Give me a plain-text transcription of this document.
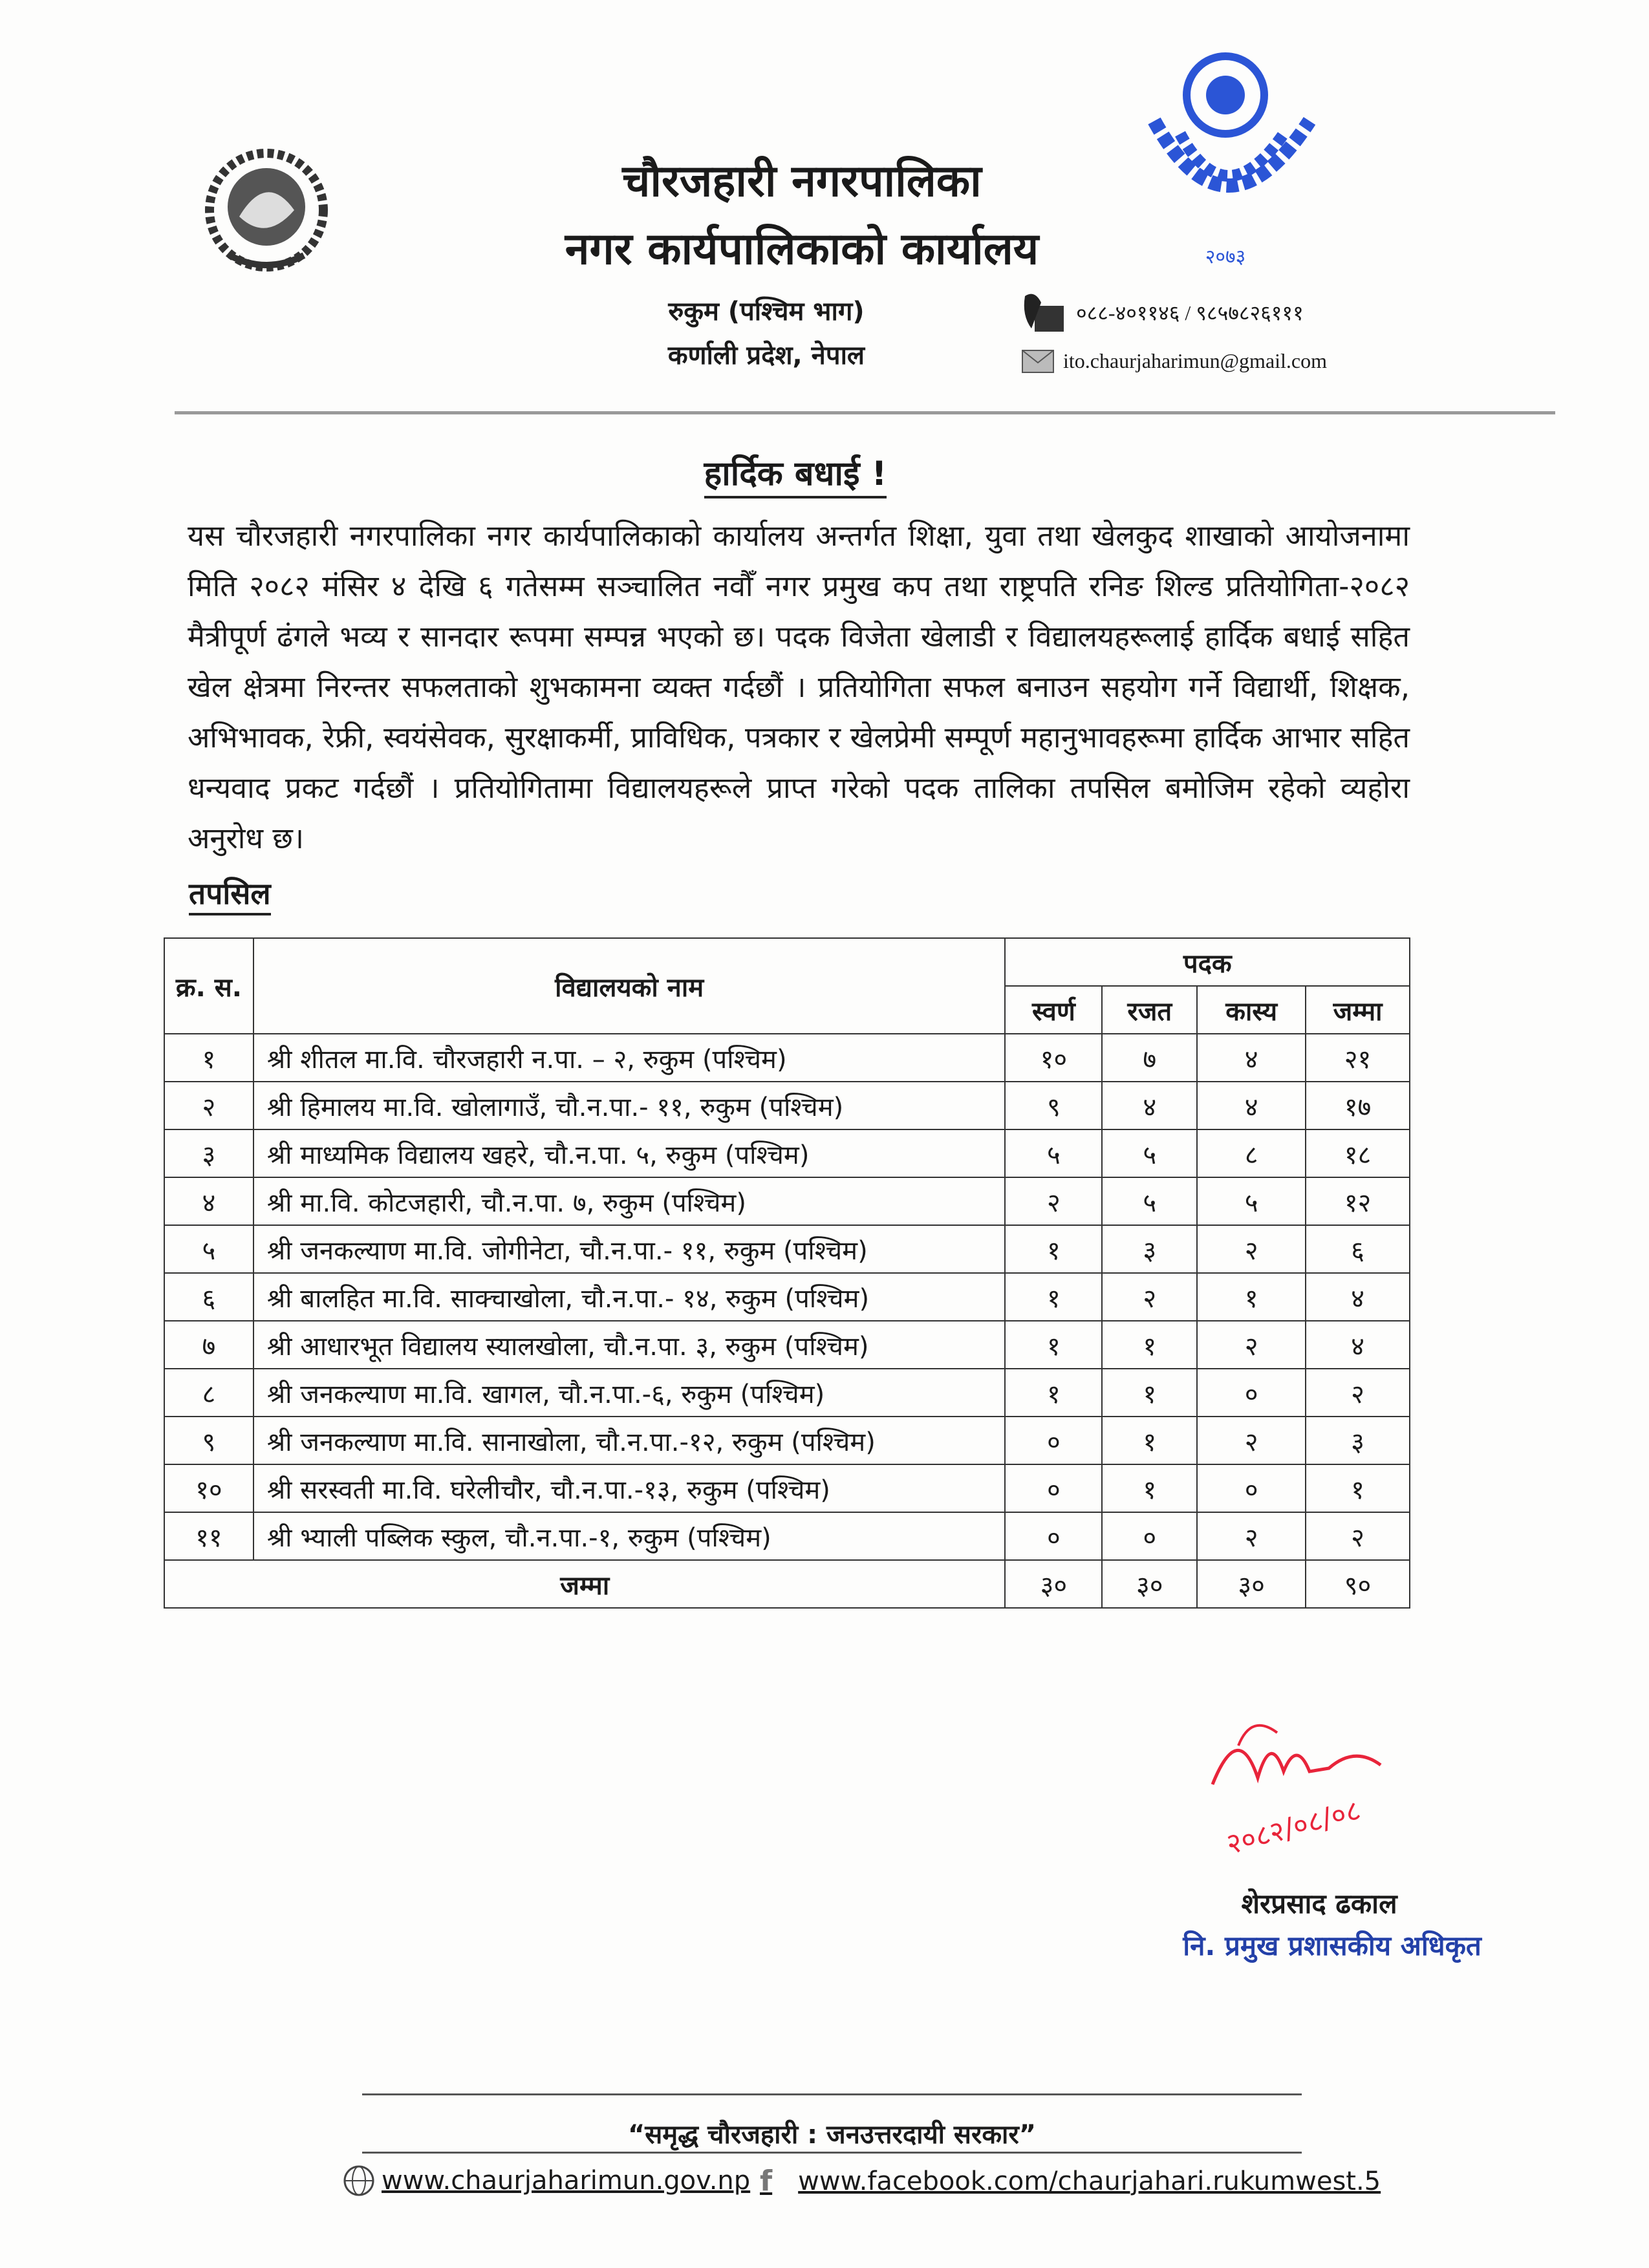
चौरजहारी नगरपालिका
नगर कार्यपालिकाको कार्यालय	२०७३
रुकुम (पश्चिम भाग)
कर्णाली प्रदेश, नेपाल
०८८-४०११४६ / ९८५७८२६१११
ito.chaurjaharimun@gmail.com
हार्दिक बधाई !
यस चौरजहारी नगरपालिका नगर कार्यपालिकाको कार्यालय अन्तर्गत शिक्षा, युवा तथा खेलकुद शाखाको आयोजनामा मिति २०८२ मंसिर ४ देखि ६ गतेसम्म सञ्चालित नवौँ नगर प्रमुख कप तथा राष्ट्रपति रनिङ शिल्ड प्रतियोगिता-२०८२ मैत्रीपूर्ण ढंगले भव्य र सानदार रूपमा सम्पन्न भएको छ। पदक विजेता खेलाडी र विद्यालयहरूलाई हार्दिक बधाई सहित खेल क्षेत्रमा निरन्तर सफलताको शुभकामना व्यक्त गर्दछौं । प्रतियोगिता सफल बनाउन सहयोग गर्ने विद्यार्थी, शिक्षक, अभिभावक, रेफ्री, स्वयंसेवक, सुरक्षाकर्मी, प्राविधिक, पत्रकार र खेलप्रेमी सम्पूर्ण महानुभावहरूमा हार्दिक आभार सहित धन्यवाद प्रकट गर्दछौं । प्रतियोगितामा विद्यालयहरूले प्राप्त गरेको पदक तालिका तपसिल बमोजिम रहेको व्यहोरा अनुरोध छ।
तपसिल
क्र. स.	विद्यालयको नाम	पदक			
		स्वर्ण	रजत	कास्य	जम्मा
१	श्री शीतल मा.वि. चौरजहारी न.पा. – २, रुकुम (पश्चिम)	१०	७	४	२१
२	श्री हिमालय मा.वि. खोलागाउँ, चौ.न.पा.- ११, रुकुम (पश्चिम)	९	४	४	१७
३	श्री माध्यमिक विद्यालय खहरे, चौ.न.पा. ५, रुकुम (पश्चिम)	५	५	८	१८
४	श्री मा.वि. कोटजहारी, चौ.न.पा. ७, रुकुम (पश्चिम)	२	५	५	१२
५	श्री जनकल्याण मा.वि. जोगीनेटा, चौ.न.पा.- ११, रुकुम (पश्चिम)	१	३	२	६
६	श्री बालहित मा.वि. साक्चाखोला, चौ.न.पा.- १४, रुकुम (पश्चिम)	१	२	१	४
७	श्री आधारभूत विद्यालय स्यालखोला, चौ.न.पा. ३, रुकुम (पश्चिम)	१	१	२	४
८	श्री जनकल्याण मा.वि. खागल, चौ.न.पा.-६, रुकुम (पश्चिम)	१	१	०	२
९	श्री जनकल्याण मा.वि. सानाखोला, चौ.न.पा.-१२, रुकुम (पश्चिम)	०	१	२	३
१०	श्री सरस्वती मा.वि. घरेलीचौर, चौ.न.पा.-१३, रुकुम (पश्चिम)	०	१	०	१
११	श्री भ्याली पब्लिक स्कुल, चौ.न.पा.-१, रुकुम (पश्चिम)	०	०	२	२
जम्मा		३०	३०	३०	९०
२०८२/०८/०८
शेरप्रसाद ढकाल
नि. प्रमुख प्रशासकीय अधिकृत
“समृद्ध चौरजहारी : जनउत्तरदायी सरकार”
www.chaurjaharimun.gov.np f www.facebook.com/chaurjahari.rukumwest.5
